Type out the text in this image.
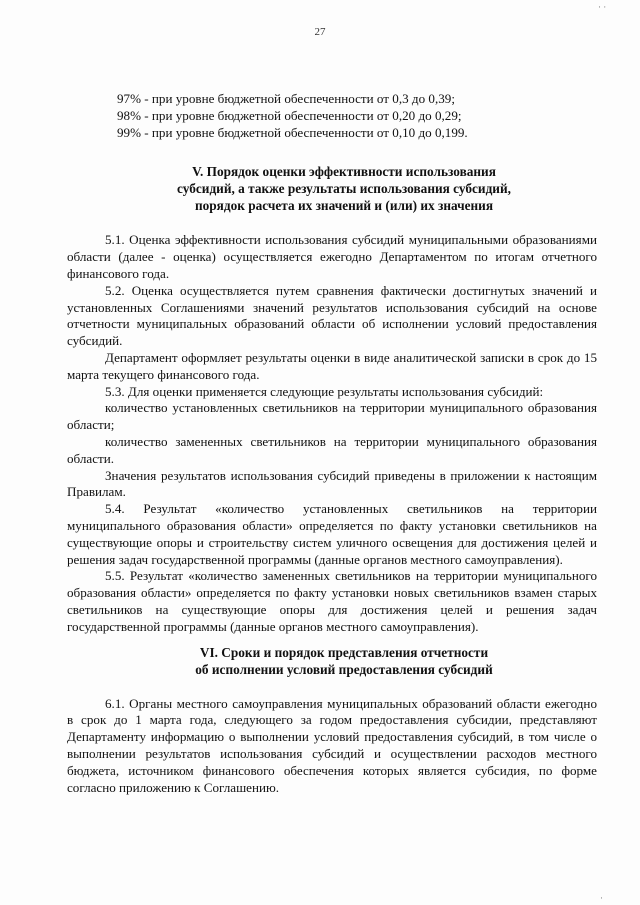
· ·
27
97% - при уровне бюджетной обеспеченности от 0,3 до 0,39;
98% - при уровне бюджетной обеспеченности от 0,20 до 0,29;
99% - при уровне бюджетной обеспеченности от 0,10 до 0,199.
V. Порядок оценки эффективности использования
субсидий, а также результаты использования субсидий,
порядок расчета их значений и (или) их значения

5.1. Оценка эффективности использования субсидий муниципальными образованиями области (далее - оценка) осуществляется ежегодно Департаментом по итогам отчетного финансового года.

5.2. Оценка осуществляется путем сравнения фактически достигнутых значений и установленных Соглашениями значений результатов использования субсидий на основе отчетности муниципальных образований области об исполнении условий предоставления субсидий.

Департамент оформляет результаты оценки в виде аналитической записки в срок до 15 марта текущего финансового года.

5.3. Для оценки применяется следующие результаты использования субсидий:

количество установленных светильников на территории муниципального образования области;

количество замененных светильников на территории муниципального образования области.

Значения результатов использования субсидий приведены в приложении к настоящим Правилам.

5.4. Результат «количество установленных светильников на территории муниципального образования области» определяется по факту установки светильников на существующие опоры и строительству систем уличного освещения для достижения целей и решения задач государственной программы (данные органов местного самоуправления).

5.5. Результат «количество замененных светильников на территории муниципального образования области» определяется по факту установки новых светильников взамен старых светильников на существующие опоры для достижения целей и решения задач государственной программы (данные органов местного самоуправления).

VI. Сроки и порядок представления отчетности
об исполнении условий предоставления субсидий

6.1. Органы местного самоуправления муниципальных образований области ежегодно в срок до 1 марта года, следующего за годом предоставления субсидии, представляют Департаменту информацию о выполнении условий предоставления субсидий, в том числе о выполнении результатов использования субсидий и осуществлении расходов местного бюджета, источником финансового обеспечения которых является субсидия, по форме согласно приложению к Соглашению.

·
